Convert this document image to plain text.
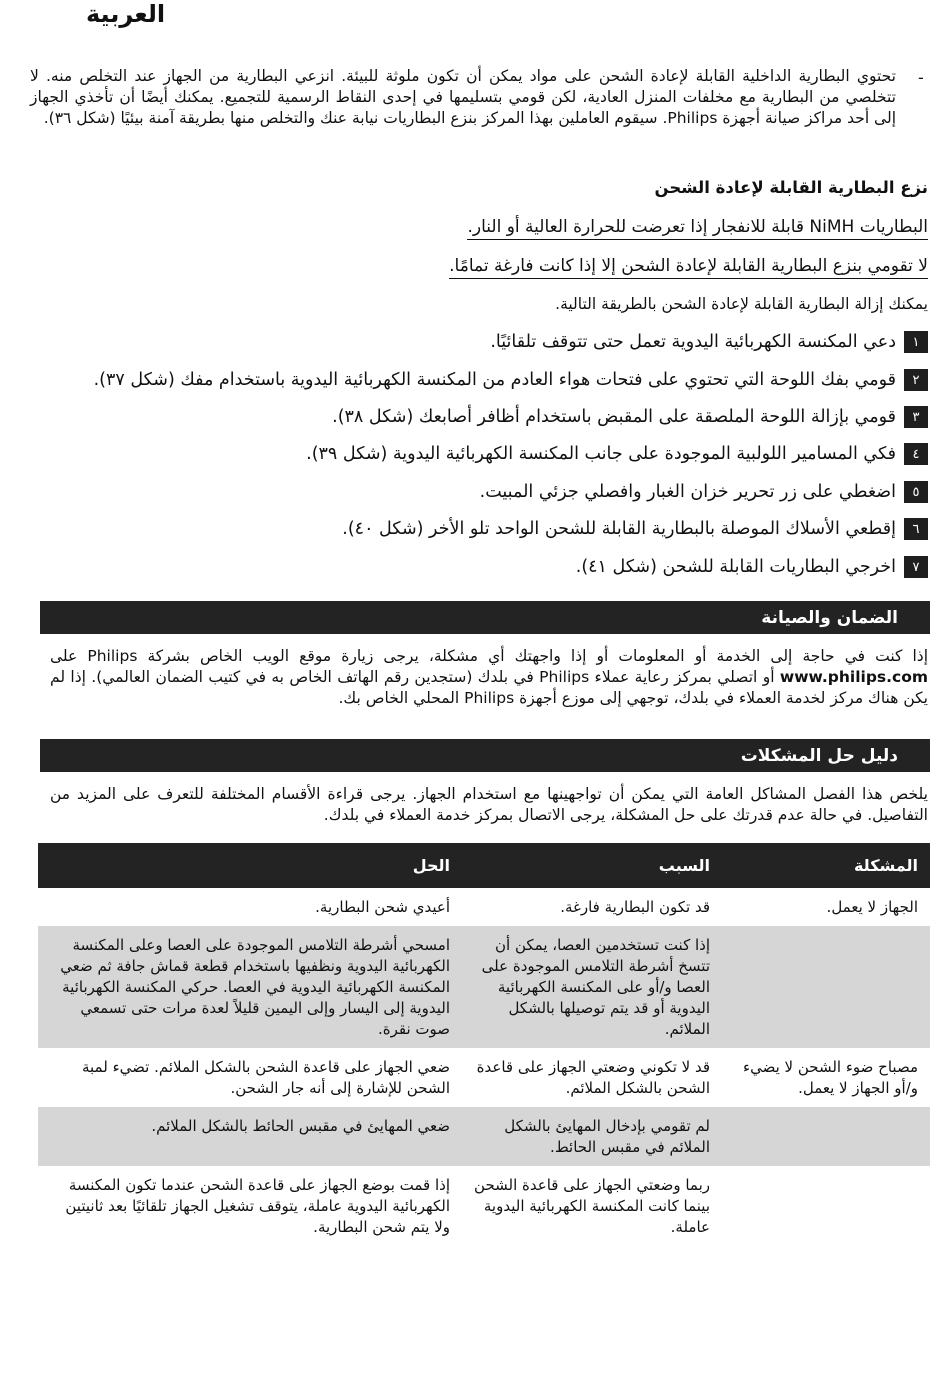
العربية
-

تحتوي البطارية الداخلية القابلة لإعادة الشحن على مواد يمكن أن تكون ملوثة للبيئة. انزعي البطارية من الجهاز عند التخلص منه. لا تتخلصي من البطارية مع مخلفات المنزل العادية، لكن قومي بتسليمها في إحدى النقاط الرسمية للتجميع. يمكنك أيضًا أن تأخذي الجهاز إلى أحد مراكز صيانة أجهزة Philips. سيقوم العاملين بهذا المركز بنزع البطاريات نيابة عنك والتخلص منها بطريقة آمنة بيئيًا (شكل ٣٦).

نزع البطارية القابلة لإعادة الشحن

البطاريات NiMH قابلة للانفجار إذا تعرضت للحرارة العالية أو النار.

لا تقومي بنزع البطارية القابلة لإعادة الشحن إلا إذا كانت فارغة تمامًا.

يمكنك إزالة البطارية القابلة لإعادة الشحن بالطريقة التالية.

١
دعي المكنسة الكهربائية اليدوية تعمل حتى تتوقف تلقائيًا.
٢
قومي بفك اللوحة التي تحتوي على فتحات هواء العادم من المكنسة الكهربائية اليدوية باستخدام مفك (شكل ٣٧).
٣
قومي بإزالة اللوحة الملصقة على المقبض باستخدام أظافر أصابعك (شكل ٣٨).
٤
فكي المسامير اللولبية الموجودة على جانب المكنسة الكهربائية اليدوية (شكل ٣٩).
٥
اضغطي على زر تحرير خزان الغبار وافصلي جزئي المبيت.
٦
إقطعي الأسلاك الموصلة بالبطارية القابلة للشحن الواحد تلو الأخر (شكل ٤٠).
٧
اخرجي البطاريات القابلة للشحن (شكل ٤١).
الضمان والصيانة

إذا كنت في حاجة إلى الخدمة أو المعلومات أو إذا واجهتك أي مشكلة، يرجى زيارة موقع الويب الخاص بشركة Philips على www.philips.com أو اتصلي بمركز رعاية عملاء Philips في بلدك (ستجدين رقم الهاتف الخاص به في كتيب الضمان العالمي). إذا لم يكن هناك مركز لخدمة العملاء في بلدك، توجهي إلى موزع أجهزة Philips المحلي الخاص بك.

دليل حل المشكلات

يلخص هذا الفصل المشاكل العامة التي يمكن أن تواجهينها مع استخدام الجهاز. يرجى قراءة الأقسام المختلفة للتعرف على المزيد من التفاصيل. في حالة عدم قدرتك على حل المشكلة، يرجى الاتصال بمركز خدمة العملاء في بلدك.

المشكلة	السبب	الحل
الجهاز لا يعمل.	قد تكون البطارية فارغة.	أعيدي شحن البطارية.
	إذا كنت تستخدمين العصا، يمكن أن تتسخ أشرطة التلامس الموجودة على العصا و/أو على المكنسة الكهربائية اليدوية أو قد يتم توصيلها بالشكل الملائم.	امسحي أشرطة التلامس الموجودة على العصا وعلى المكنسة الكهربائية اليدوية ونظفيها باستخدام قطعة قماش جافة ثم ضعي المكنسة الكهربائية اليدوية في العصا. حركي المكنسة الكهربائية اليدوية إلى اليسار وإلى اليمين قليلاً لعدة مرات حتى تسمعي صوت نقرة.
مصباح ضوء الشحن لا يضيء و/أو الجهاز لا يعمل.	قد لا تكوني وضعتي الجهاز على قاعدة الشحن بالشكل الملائم.	ضعي الجهاز على قاعدة الشحن بالشكل الملائم. تضيء لمبة الشحن للإشارة إلى أنه جار الشحن.
	لم تقومي بإدخال المهايئ بالشكل الملائم في مقبس الحائط.	ضعي المهايئ في مقبس الحائط بالشكل الملائم.
	ربما وضعتي الجهاز على قاعدة الشحن بينما كانت المكنسة الكهربائية اليدوية عاملة.	إذا قمت بوضع الجهاز على قاعدة الشحن عندما تكون المكنسة الكهربائية اليدوية عاملة، يتوقف تشغيل الجهاز تلقائيًا بعد ثانيتين ولا يتم شحن البطارية.
